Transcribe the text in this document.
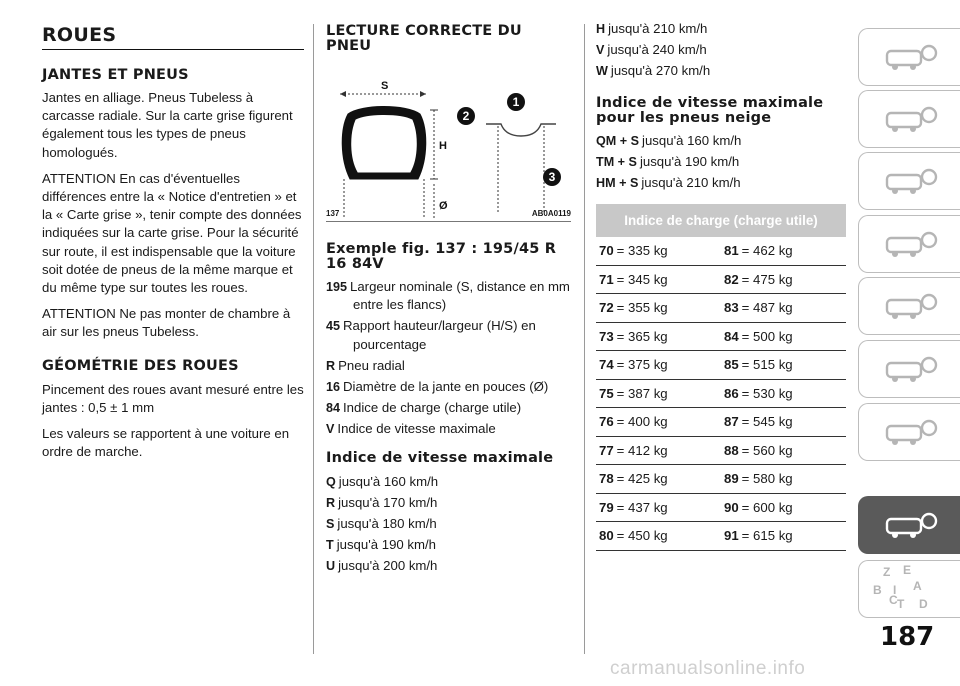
ROUES
JANTES ET PNEUS

Jantes en alliage. Pneus Tubeless à carcasse radiale. Sur la carte grise figurent également tous les types de pneus homologués.

ATTENTION En cas d'éventuelles différences entre la « Notice d'entretien » et la « Carte grise », tenir compte des données indiquées sur la carte grise. Pour la sécurité sur route, il est indispensable que la voiture soit dotée de pneus de la même marque et du même type sur toutes les roues.

ATTENTION Ne pas monter de chambre à air sur les pneus Tubeless.

GÉOMÉTRIE DES ROUES

Pincement des roues avant mesuré entre les jantes : 0,5 ± 1 mm

Les valeurs se rapportent à une voiture en ordre de marche.

LECTURE CORRECTE DU PNEU
S
H
Ø
1
2
3
137	AB0A0119
Exemple fig. 137 : 195/45 R 16 84V
195 Largeur nominale (S, distance en mm entre les flancs)
45 Rapport hauteur/largeur (H/S) en pourcentage
R Pneu radial
16 Diamètre de la jante en pouces (Ø)
84 Indice de charge (charge utile)
V Indice de vitesse maximale
Indice de vitesse maximale
Q jusqu'à 160 km/h
R jusqu'à 170 km/h
S jusqu'à 180 km/h
T jusqu'à 190 km/h
U jusqu'à 200 km/h
H jusqu'à 210 km/h
V jusqu'à 240 km/h
W jusqu'à 270 km/h
Indice de vitesse maximale pour les pneus neige
QM + S jusqu'à 160 km/h
TM + S jusqu'à 190 km/h
HM + S jusqu'à 210 km/h
Indice de charge (charge utile)
70 = 335 kg	81 = 462 kg
71 = 345 kg	82 = 475 kg
72 = 355 kg	83 = 487 kg
73 = 365 kg	84 = 500 kg
74 = 375 kg	85 = 515 kg
75 = 387 kg	86 = 530 kg
76 = 400 kg	87 = 545 kg
77 = 412 kg	88 = 560 kg
78 = 425 kg	89 = 580 kg
79 = 437 kg	90 = 600 kg
80 = 450 kg	91 = 615 kg
Z E
A
B
C T D
I
187
carmanualsonline.info
